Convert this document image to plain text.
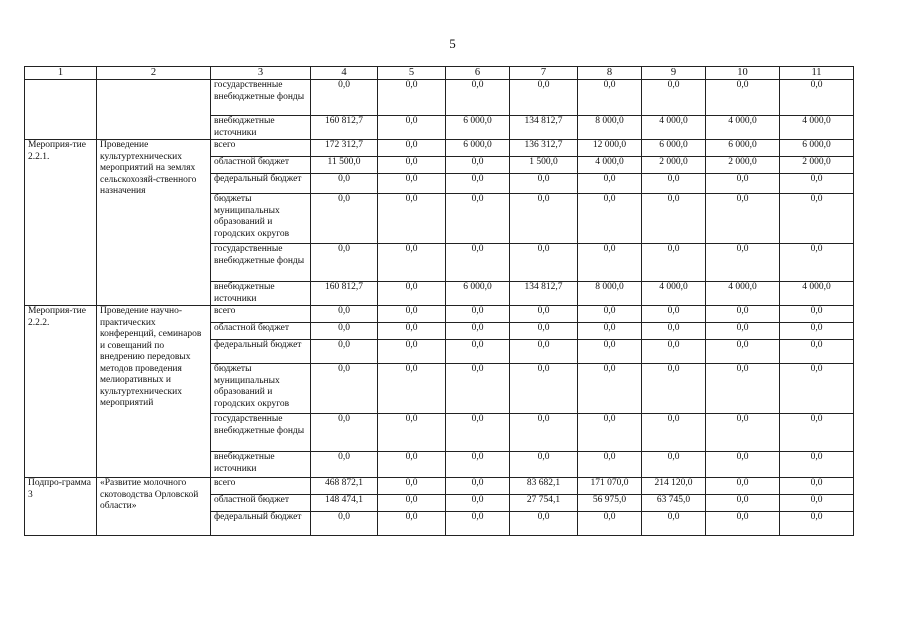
5
1	2	3	4	5	6	7	8	9	10	11
		государственные внебюджетные фонды	0,0	0,0	0,0	0,0	0,0	0,0	0,0	0,0
		внебюджетные источники	160 812,7	0,0	6 000,0	134 812,7	8 000,0	4 000,0	4 000,0	4 000,0
Мероприя-тие 2.2.1.	Проведение культуртехнических мероприятий на землях сельскохозяй-ственного назначения	всего	172 312,7	0,0	6 000,0	136 312,7	12 000,0	6 000,0	6 000,0	6 000,0
		областной бюджет	11 500,0	0,0	0,0	1 500,0	4 000,0	2 000,0	2 000,0	2 000,0
		федеральный бюджет	0,0	0,0	0,0	0,0	0,0	0,0	0,0	0,0
		бюджеты муниципальных образований и городских округов	0,0	0,0	0,0	0,0	0,0	0,0	0,0	0,0
		государственные внебюджетные фонды	0,0	0,0	0,0	0,0	0,0	0,0	0,0	0,0
		внебюджетные источники	160 812,7	0,0	6 000,0	134 812,7	8 000,0	4 000,0	4 000,0	4 000,0
Мероприя-тие 2.2.2.	Проведение научно-практических конференций, семинаров и совещаний по внедрению передовых методов проведения мелиоративных и культуртехнических мероприятий	всего	0,0	0,0	0,0	0,0	0,0	0,0	0,0	0,0
		областной бюджет	0,0	0,0	0,0	0,0	0,0	0,0	0,0	0,0
		федеральный бюджет	0,0	0,0	0,0	0,0	0,0	0,0	0,0	0,0
		бюджеты муниципальных образований и городских округов	0,0	0,0	0,0	0,0	0,0	0,0	0,0	0,0
		государственные внебюджетные фонды	0,0	0,0	0,0	0,0	0,0	0,0	0,0	0,0
		внебюджетные источники	0,0	0,0	0,0	0,0	0,0	0,0	0,0	0,0
Подпро-грамма 3	«Развитие молочного скотоводства Орловской области»	всего	468 872,1	0,0	0,0	83 682,1	171 070,0	214 120,0	0,0	0,0
		областной бюджет	148 474,1	0,0	0,0	27 754,1	56 975,0	63 745,0	0,0	0,0
		федеральный бюджет	0,0	0,0	0,0	0,0	0,0	0,0	0,0	0,0
